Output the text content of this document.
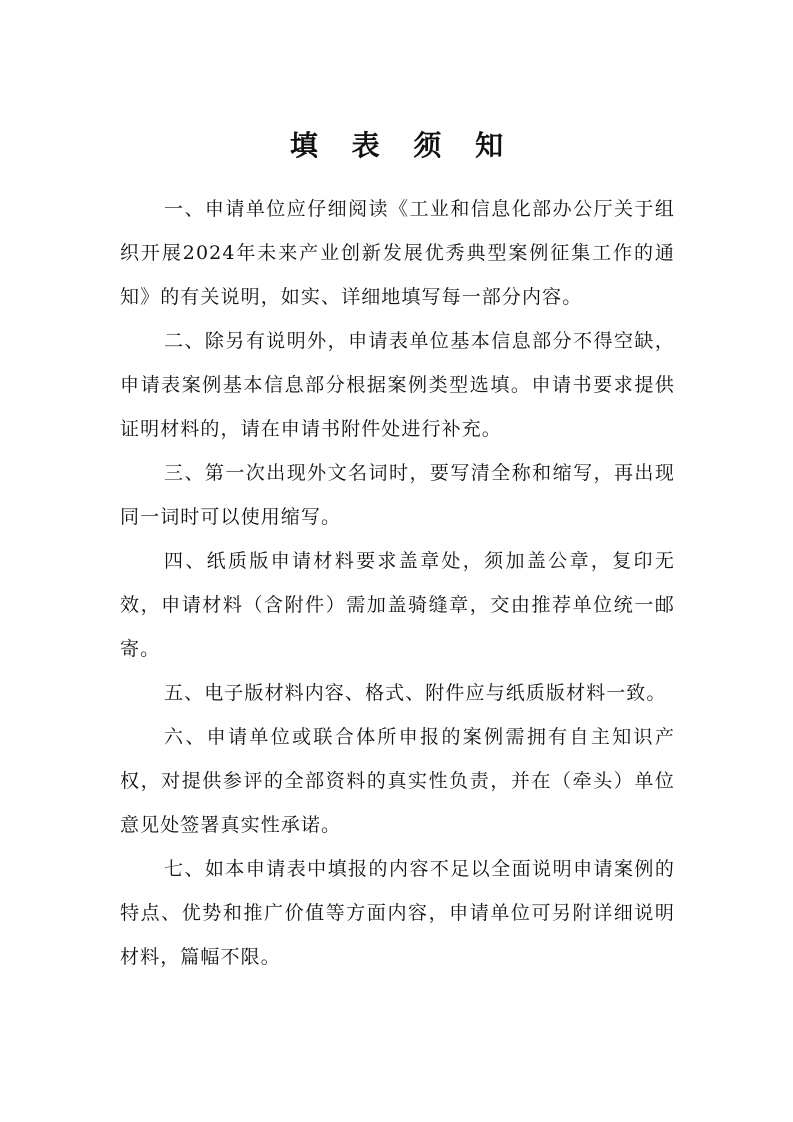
填 表 须 知

一、申请单位应仔细阅读《工业和信息化部办公厅关于组织开展2024年未来产业创新发展优秀典型案例征集工作的通知》的有关说明，如实、详细地填写每一部分内容。

二、除另有说明外，申请表单位基本信息部分不得空缺，申请表案例基本信息部分根据案例类型选填。申请书要求提供证明材料的，请在申请书附件处进行补充。

三、第一次出现外文名词时，要写清全称和缩写，再出现同一词时可以使用缩写。

四、纸质版申请材料要求盖章处，须加盖公章，复印无效，申请材料（含附件）需加盖骑缝章，交由推荐单位统一邮寄。

五、电子版材料内容、格式、附件应与纸质版材料一致。

六、申请单位或联合体所申报的案例需拥有自主知识产权，对提供参评的全部资料的真实性负责，并在（牵头）单位意见处签署真实性承诺。

七、如本申请表中填报的内容不足以全面说明申请案例的特点、优势和推广价值等方面内容，申请单位可另附详细说明材料，篇幅不限。
